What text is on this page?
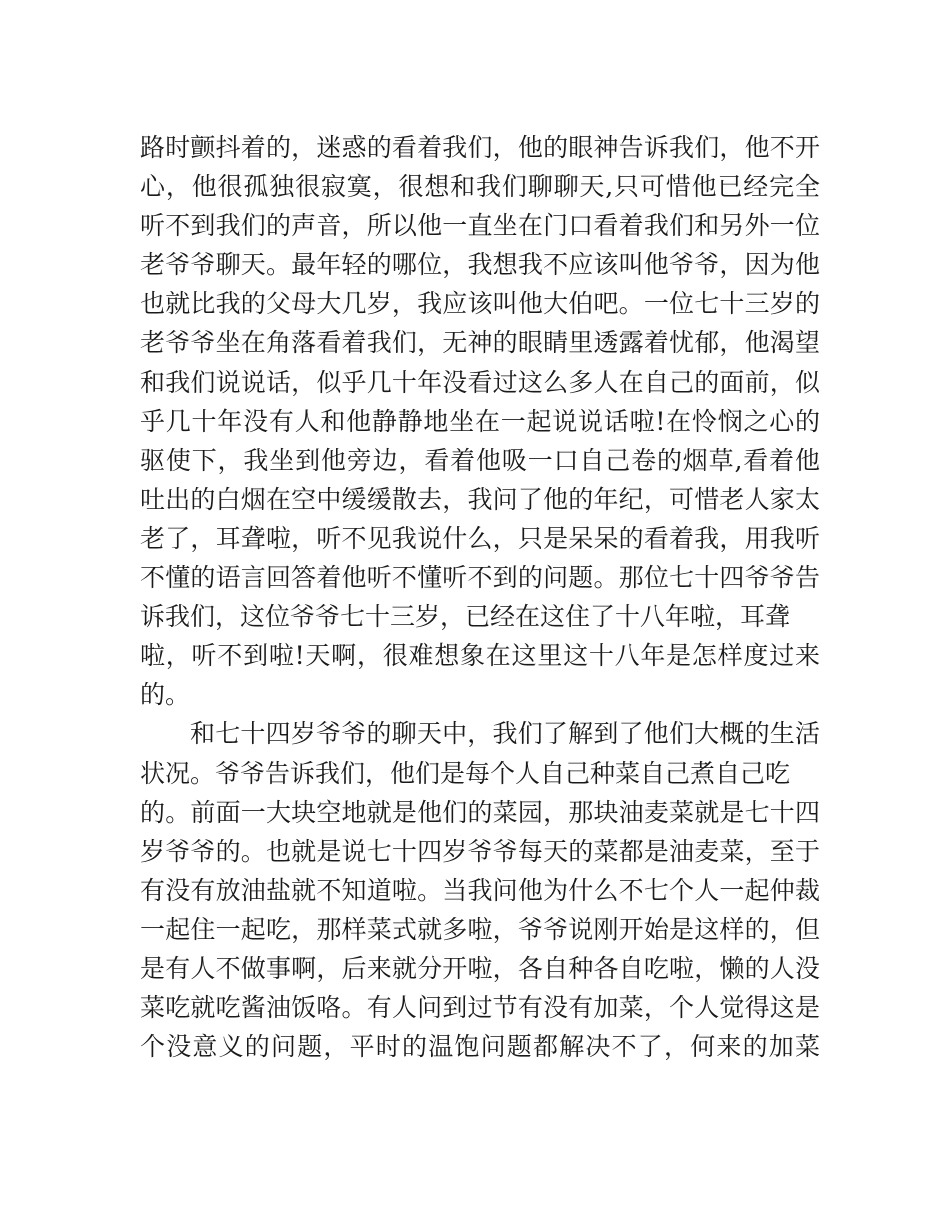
路时颤抖着的，迷惑的看着我们，他的眼神告诉我们，他不开
心，他很孤独很寂寞，很想和我们聊聊天,只可惜他已经完全
听不到我们的声音，所以他一直坐在门口看着我们和另外一位
老爷爷聊天。最年轻的哪位，我想我不应该叫他爷爷，因为他
也就比我的父母大几岁，我应该叫他大伯吧。一位七十三岁的
老爷爷坐在角落看着我们，无神的眼睛里透露着忧郁，他渴望
和我们说说话，似乎几十年没看过这么多人在自己的面前，似
乎几十年没有人和他静静地坐在一起说说话啦!在怜悯之心的
驱使下，我坐到他旁边，看着他吸一口自己卷的烟草,看着他
吐出的白烟在空中缓缓散去，我问了他的年纪，可惜老人家太
老了，耳聋啦，听不见我说什么，只是呆呆的看着我，用我听
不懂的语言回答着他听不懂听不到的问题。那位七十四爷爷告
诉我们，这位爷爷七十三岁，已经在这住了十八年啦，耳聋
啦，听不到啦!天啊，很难想象在这里这十八年是怎样度过来
的。
和七十四岁爷爷的聊天中，我们了解到了他们大概的生活
状况。爷爷告诉我们，他们是每个人自己种菜自己煮自己吃
的。前面一大块空地就是他们的菜园，那块油麦菜就是七十四
岁爷爷的。也就是说七十四岁爷爷每天的菜都是油麦菜，至于
有没有放油盐就不知道啦。当我问他为什么不七个人一起仲裁
一起住一起吃，那样菜式就多啦，爷爷说刚开始是这样的，但
是有人不做事啊，后来就分开啦，各自种各自吃啦，懒的人没
菜吃就吃酱油饭咯。有人问到过节有没有加菜，个人觉得这是
个没意义的问题，平时的温饱问题都解决不了，何来的加菜
